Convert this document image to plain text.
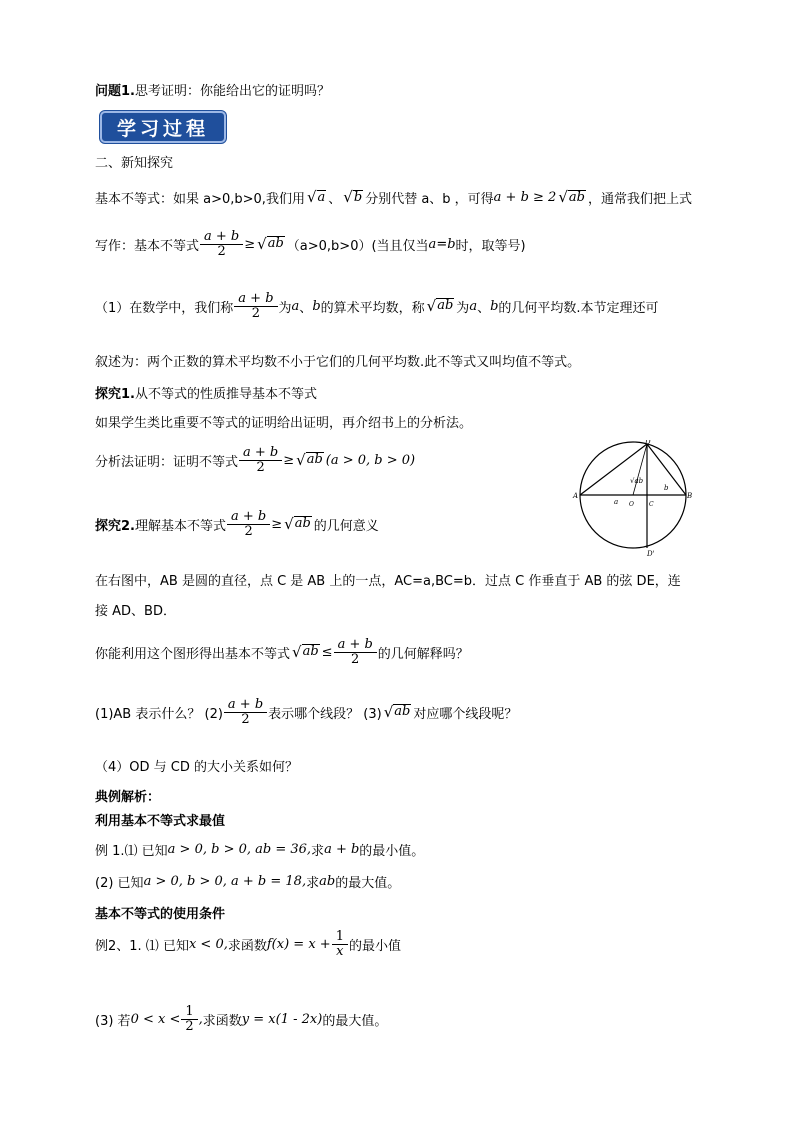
问题1. 思考证明：你能给出它的证明吗？
学习过程
二、新知探究
基本不等式：如果 a>0,b>0,我们用 √ a 、 √ b 分别代替 a、b ，可得 a + b ≥ 2 √ ab ，通常我们把上式
写作：基本不等式 $\frac{a + b}{2}$ ≥ √ ab （a>0,b>0）(当且仅当 a = b 时，取等号)
（1）在数学中，我们称 $\frac{a + b}{2}$ 为 a 、 b 的算术平均数，称 √ ab 为 a 、 b 的几何平均数.本节定理还可
叙述为：两个正数的算术平均数不小于它们的几何平均数.此不等式又叫均值不等式。
探究1. 从不等式的性质推导基本不等式
如果学生类比重要不等式的证明给出证明，再介绍书上的分析法。
分析法证明：证明不等式 $\frac{a + b}{2}$ ≥ √ ab (a > 0, b > 0)
探究2. 理解基本不等式 $\frac{a + b}{2}$ ≥ √ ab 的几何意义
在右图中，AB 是圆的直径，点 C 是 AB 上的一点，AC=a,BC=b．过点 C 作垂直于 AB 的弦 DE，连
接 AD、BD．
你能利用这个图形得出基本不等式 √ ab ≤ $\frac{a + b}{2}$ 的几何解释吗？
(1)AB 表示什么？ $(2) \frac{a + b}{2}$ 表示哪个线段？ (3) √ ab 对应哪个线段呢？
（4）OD 与 CD 的大小关系如何？
典例解析：
利用基本不等式求最值
例 1.⑴ 已知 a > 0, b > 0, ab = 36, 求 a + b 的最小值。
(2) 已知 a > 0, b > 0, a + b = 18, 求 ab 的最大值。
基本不等式的使用条件
例2、1. ⑴ 已知 x < 0, 求函数 $f(x) = x + \frac{1}{x}$ 的最小值
(3) 若 $0 < x < \frac{1}{2}$ , 求函数 y = x(1 - 2x) 的最大值。
A	B
D
D'
a
b
C
O
√ab
